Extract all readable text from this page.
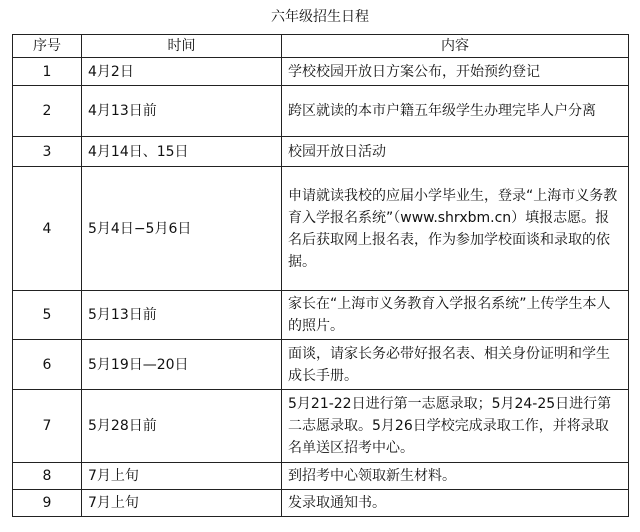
六年级招生日程
序号	时间	内容
1	4月2日	学校校园开放日方案公布，开始预约登记
2	4月13日前	跨区就读的本市户籍五年级学生办理完毕人户分离
3	4月14日、15日	校园开放日活动
4	5月4日−5月6日	申请就读我校的应届小学毕业生，登录“上海市义务教育入学报名系统”（www.shrxbm.cn）填报志愿。报名后获取网上报名表，作为参加学校面谈和录取的依据。
5	5月13日前	家长在“上海市义务教育入学报名系统”上传学生本人的照片。
6	5月19日—20日	面谈，请家长务必带好报名表、相关身份证明和学生成长手册。
7	5月28日前	5月21-22日进行第一志愿录取；5月24-25日进行第二志愿录取。5月26日学校完成录取工作，并将录取名单送区招考中心。
8	7月上旬	到招考中心领取新生材料。
9	7月上旬	发录取通知书。
